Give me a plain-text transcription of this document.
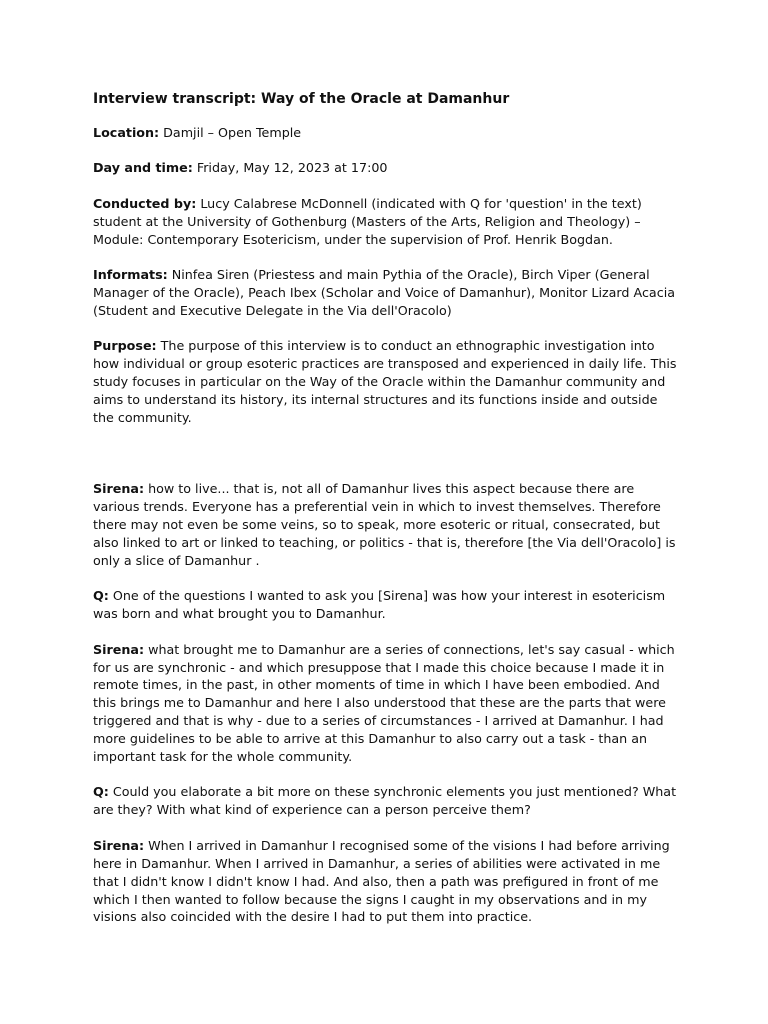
Interview transcript: Way of the Oracle at Damanhur

Location: Damjil – Open Temple

Day and time: Friday, May 12, 2023 at 17:00

Conducted by: Lucy Calabrese McDonnell (indicated with Q for 'question' in the text) student at the University of Gothenburg (Masters of the Arts, Religion and Theology) – Module: Contemporary Esotericism, under the supervision of Prof. Henrik Bogdan.

Informats: Ninfea Siren (Priestess and main Pythia of the Oracle), Birch Viper (General Manager of the Oracle), Peach Ibex (Scholar and Voice of Damanhur), Monitor Lizard Acacia (Student and Executive Delegate in the Via dell'Oracolo)

Purpose: The purpose of this interview is to conduct an ethnographic investigation into how individual or group esoteric practices are transposed and experienced in daily life. This study focuses in particular on the Way of the Oracle within the Damanhur community and aims to understand its history, its internal structures and its functions inside and outside the community.

Sirena: how to live... that is, not all of Damanhur lives this aspect because there are various trends. Everyone has a preferential vein in which to invest themselves. Therefore there may not even be some veins, so to speak, more esoteric or ritual, consecrated, but also linked to art or linked to teaching, or politics - that is, therefore [the Via dell'Oracolo] is only a slice of Damanhur .

Q: One of the questions I wanted to ask you [Sirena] was how your interest in esotericism was born and what brought you to Damanhur.

Sirena: what brought me to Damanhur are a series of connections, let's say casual - which for us are synchronic - and which presuppose that I made this choice because I made it in remote times, in the past, in other moments of time in which I have been embodied. And this brings me to Damanhur and here I also understood that these are the parts that were triggered and that is why - due to a series of circumstances - I arrived at Damanhur. I had more guidelines to be able to arrive at this Damanhur to also carry out a task - than an important task for the whole community.

Q: Could you elaborate a bit more on these synchronic elements you just mentioned? What are they? With what kind of experience can a person perceive them?

Sirena: When I arrived in Damanhur I recognised some of the visions I had before arriving here in Damanhur. When I arrived in Damanhur, a series of abilities were activated in me that I didn't know I didn't know I had. And also, then a path was prefigured in front of me which I then wanted to follow because the signs I caught in my observations and in my visions also coincided with the desire I had to put them into practice.
